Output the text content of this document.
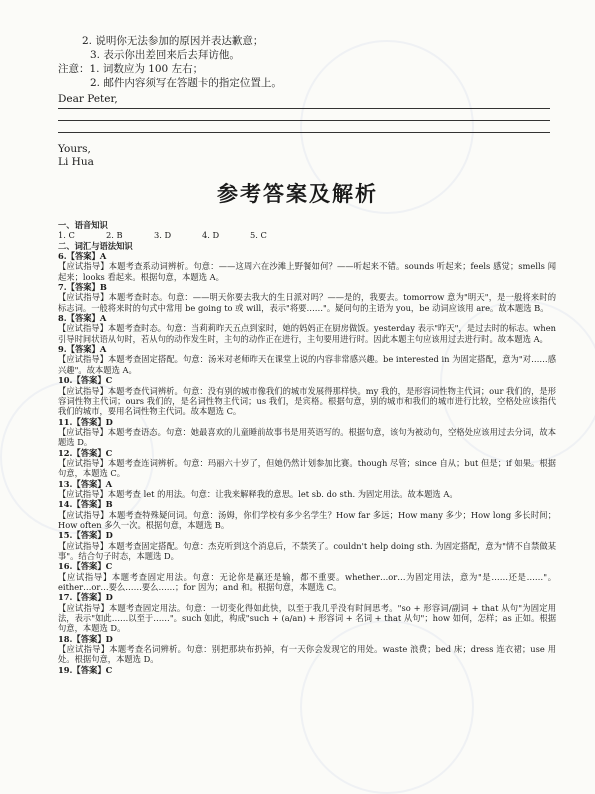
2. 说明你无法参加的原因并表达歉意；
3. 表示你出差回来后去拜访他。
注意：1. 词数应为 100 左右；
2. 邮件内容须写在答题卡的指定位置上。
Dear Peter,
Yours,
Li Hua
参考答案及解析
一、语音知识
1. C	2. B	3. D	4. D	5. C
二、词汇与语法知识
6.【答案】A
【应试指导】本题考查系动词辨析。句意：——这周六在沙滩上野餐如何？——听起来不错。sounds 听起来；feels 感觉；smells 闻起来；looks 看起来。根据句意，本题选 A。
7.【答案】B
【应试指导】本题考查时态。句意：——明天你要去我大的生日派对吗？——是的，我要去。tomorrow 意为"明天"，是一般将来时的标志词。一般将来时的句式中常用 be going to 或 will，表示"将要……"。疑问句的主语为 you，be 动词应该用 are。故本题选 B。
8.【答案】A
【应试指导】本题考查时态。句意：当莉莉昨天五点到家时，她的妈妈正在厨房做饭。yesterday 表示"昨天"，是过去时的标志。when 引导时间状语从句时，若从句的动作发生时，主句的动作正在进行，主句要用进行时。因此本题主句应该用过去进行时。故本题选 A。
9.【答案】A
【应试指导】本题考查固定搭配。句意：汤米对老师昨天在课堂上说的内容非常感兴趣。be interested in 为固定搭配，意为"对……感兴趣"。故本题选 A。
10.【答案】C
【应试指导】本题考查代词辨析。句意：没有别的城市像我们的城市发展得那样快。my 我的，是形容词性物主代词；our 我们的，是形容词性物主代词；ours 我们的，是名词性物主代词；us 我们，是宾格。根据句意，别的城市和我们的城市进行比较，空格处应该指代我们的城市，要用名词性物主代词。故本题选 C。
11.【答案】D
【应试指导】本题考查语态。句意：她最喜欢的儿童睡前故事书是用英语写的。根据句意，该句为被动句，空格处应该用过去分词，故本题选 D。
12.【答案】C
【应试指导】本题考查连词辨析。句意：玛丽六十岁了，但她仍然计划参加比赛。though 尽管；since 自从；but 但是；if 如果。根据句意，本题选 C。
13.【答案】A
【应试指导】本题考查 let 的用法。句意：让我来解释我的意思。let sb. do sth. 为固定用法。故本题选 A。
14.【答案】B
【应试指导】本题考查特殊疑问词。句意：汤姆，你们学校有多少名学生？How far 多远；How many 多少；How long 多长时间；How often 多久一次。根据句意，本题选 B。
15.【答案】D
【应试指导】本题考查固定搭配。句意：杰克听到这个消息后，不禁笑了。couldn't help doing sth. 为固定搭配，意为"情不自禁做某事"。结合句子时态，本题选 D。
16.【答案】C
【应试指导】本题考查固定用法。句意：无论你是赢还是输，都不重要。whether…or…为固定用法，意为"是……还是……"。either…or…要么……要么……；for 因为；and 和。根据句意，本题选 C。
17.【答案】D
【应试指导】本题考查固定用法。句意：一切变化得如此快，以至于我几乎没有时间思考。"so + 形容词/副词 + that 从句"为固定用法，表示"如此……以至于……"。such 如此，构成"such + (a/an) + 形容词 + 名词 + that 从句"；how 如何，怎样；as 正如。根据句意，本题选 D。
18.【答案】D
【应试指导】本题考查名词辨析。句意：别把那块布扔掉，有一天你会发现它的用处。waste 浪费；bed 床；dress 连衣裙；use 用处。根据句意，本题选 D。
19.【答案】C
